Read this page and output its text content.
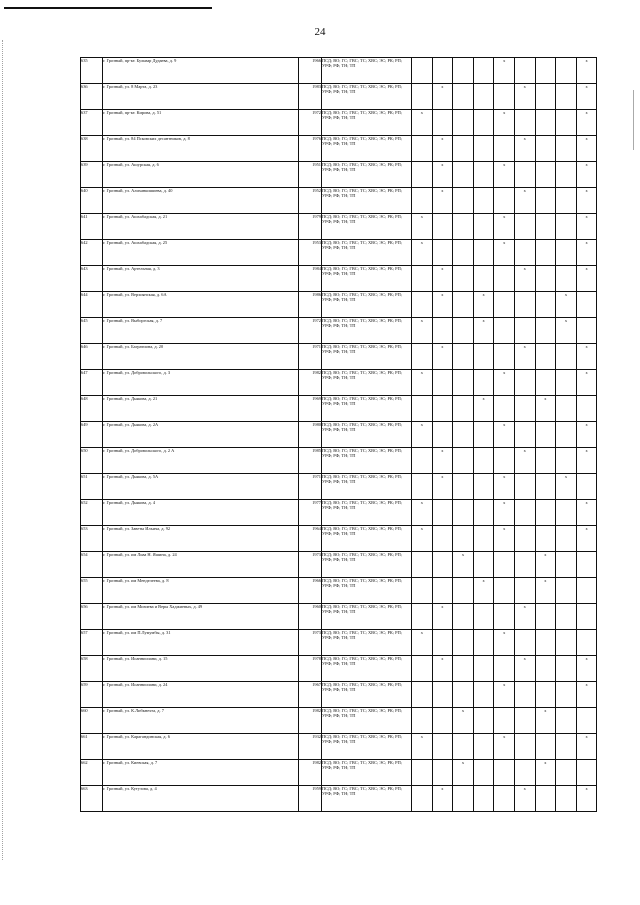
24
635	г. Грозный, пр-кт. Бульвар Дудаева, д. 9	1966	ПСД; ВО; ГС; ГВС; ТС; ХВС; ЭС; РК; РП; УРФ; РФ; ТН; ТП					x				x
636	г. Грозный, ул. 8 Марта, д. 23	1983	ПСД; ВО; ГС; ГВС; ТС; ХВС; ЭС; РК; РП; УРФ; РФ; ТН; ТП		x				x			x
637	г. Грозный, пр-кт. Кирова, д. 51	1972	ПСД; ВО; ГС; ГВС; ТС; ХВС; ЭС; РК; РП; УРФ; РФ; ТН; ТП	x				x				x
638	г. Грозный, ул. 84 Псковских десантников, д. 8	1976	ПСД; ВО; ГС; ГВС; ТС; ХВС; ЭС; РК; РП; УРФ; РФ; ТН; ТП		x				x			x
639	г. Грозный, ул. Ашурская, д. 6	1951	ПСД; ВО; ГС; ГВС; ТС; ХВС; ЭС; РК; РП; УРФ; РФ; ТН; ТП		x			x				x
640	г. Грозный, ул. Алиханкишиева, д. 40	1952	ПСД; ВО; ГС; ГВС; ТС; ХВС; ЭС; РК; РП; УРФ; РФ; ТН; ТП		x				x			x
641	г. Грозный, ул. Ашхабадская, д. 21	1979	ПСД; ВО; ГС; ГВС; ТС; ХВС; ЭС; РК; РП; УРФ; РФ; ТН; ТП	x				x				x
642	г. Грозный, ул. Ашхабадская, д. 25	1953	ПСД; ВО; ГС; ГВС; ТС; ХВС; ЭС; РК; РП; УРФ; РФ; ТН; ТП	x				x				x
643	г. Грозный, ул. Артельная, д. 3	1984	ПСД; ВО; ГС; ГВС; ТС; ХВС; ЭС; РК; РП; УРФ; РФ; ТН; ТП		x				x			x
644	г. Грозный, ул. Верхоянская, д. 6А	1986	ПСД; ВО; ГС; ГВС; ТС; ХВС; ЭС; РК; РП; УРФ; РФ; ТН; ТП		x		x				x	
645	г. Грозный, ул. Выборгская, д. 7	1972	ПСД; ВО; ГС; ГВС; ТС; ХВС; ЭС; РК; РП; УРФ; РФ; ТН; ТП	x			x				x	
646	г. Грозный, ул. Багратиона, д. 20	1971	ПСД; ВО; ГС; ГВС; ТС; ХВС; ЭС; РК; РП; УРФ; РФ; ТН; ТП		x				x			x
647	г. Грозный, ул. Добровольского, д. 3	1982	ПСД; ВО; ГС; ГВС; ТС; ХВС; ЭС; РК; РП; УРФ; РФ; ТН; ТП	x				x				x
648	г. Грозный, ул. Дьякова, д. 21	1969	ПСД; ВО; ГС; ГВС; ТС; ХВС; ЭС; РК; РП; УРФ; РФ; ТН; ТП				x			x		
649	г. Грозный, ул. Дьякова, д. 2А	1980	ПСД; ВО; ГС; ГВС; ТС; ХВС; ЭС; РК; РП; УРФ; РФ; ТН; ТП	x				x				x
650	г. Грозный, ул. Добровольского, д. 2 А	1985	ПСД; ВО; ГС; ГВС; ТС; ХВС; ЭС; РК; РП; УРФ; РФ; ТН; ТП		x				x			x
651	г. Грозный, ул. Дьякова, д. 5А	1971	ПСД; ВО; ГС; ГВС; ТС; ХВС; ЭС; РК; РП; УРФ; РФ; ТН; ТП		x			x			x	
652	г. Грозный, ул. Дьякова, д. 4	1977	ПСД; ВО; ГС; ГВС; ТС; ХВС; ЭС; РК; РП; УРФ; РФ; ТН; ТП	x				x				x
653	г. Грозный, ул. Заветы Ильича, д. 92	1964	ПСД; ВО; ГС; ГВС; ТС; ХВС; ЭС; РК; РП; УРФ; РФ; ТН; ТП	x				x				x
654	г. Грозный, ул. им Льва Н. Яшина, д. 24	1973	ПСД; ВО; ГС; ГВС; ТС; ХВС; ЭС; РК; РП; УРФ; РФ; ТН; ТП			x				x		
655	г. Грозный, ул. им Менделеева, д. 8	1966	ПСД; ВО; ГС; ГВС; ТС; ХВС; ЭС; РК; РП; УРФ; РФ; ТН; ТП				x			x		
656	г. Грозный, ул. им Мизиева и Веры Хаджиевых, д. 49	1960	ПСД; ВО; ГС; ГВС; ТС; ХВС; ЭС; РК; РП; УРФ; РФ; ТН; ТП		x				x			
657	г. Грозный, ул. им П.Лумумбы, д. 31	1973	ПСД; ВО; ГС; ГВС; ТС; ХВС; ЭС; РК; РП; УРФ; РФ; ТН; ТП	x				x				
658	г. Грозный, ул. Иоаннисиани, д. 15	1978	ПСД; ВО; ГС; ГВС; ТС; ХВС; ЭС; РК; РП; УРФ; РФ; ТН; ТП		x				x			x
659	г. Грозный, ул. Иоаннисиани, д. 24	1967	ПСД; ВО; ГС; ГВС; ТС; ХВС; ЭС; РК; РП; УРФ; РФ; ТН; ТП					x				x
660	г. Грозный, ул. К.Либкнехта, д. 7	1982	ПСД; ВО; ГС; ГВС; ТС; ХВС; ЭС; РК; РП; УРФ; РФ; ТН; ТП			x				x		
661	г. Грозный, ул. Карагандинская, д. 6	1932	ПСД; ВО; ГС; ГВС; ТС; ХВС; ЭС; РК; РП; УРФ; РФ; ТН; ТП	x				x				x
662	г. Грозный, ул. Киевская, д. 7	1982	ПСД; ВО; ГС; ГВС; ТС; ХВС; ЭС; РК; РП; УРФ; РФ; ТН; ТП			x				x		
663	г. Грозный, ул. Кутузова, д. 4	1959	ПСД; ВО; ГС; ГВС; ТС; ХВС; ЭС; РК; РП; УРФ; РФ; ТН; ТП		x				x			x
